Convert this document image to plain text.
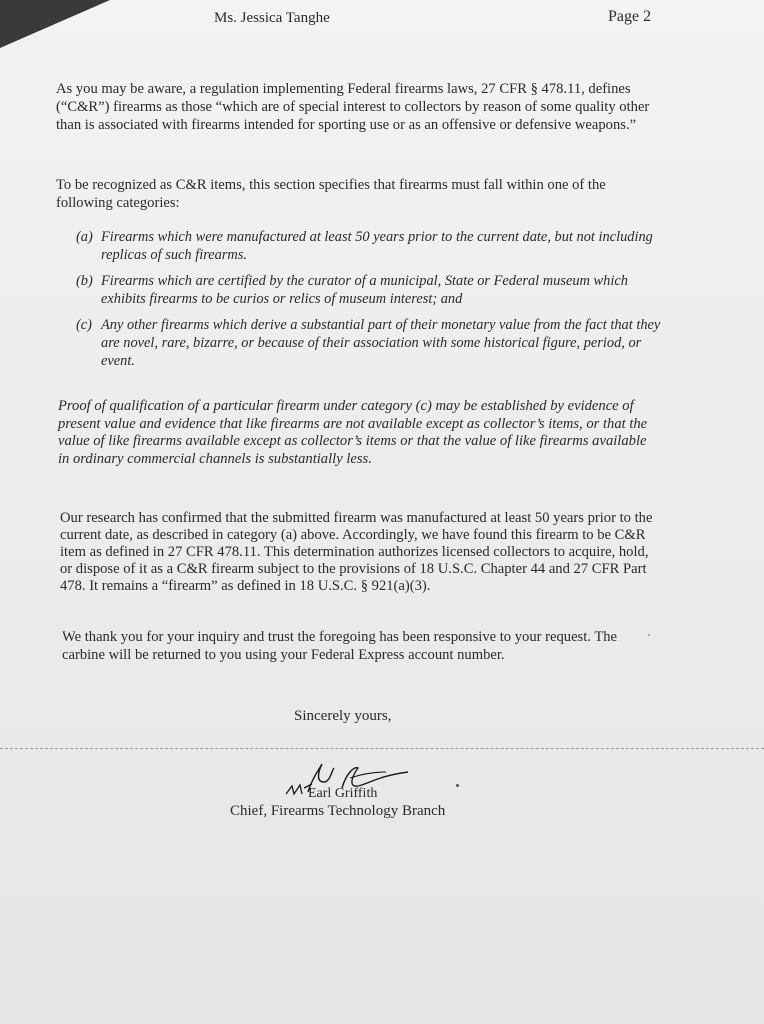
Ms. Jessica Tanghe	Page 2
As you may be aware, a regulation implementing Federal firearms laws, 27 CFR § 478.11, defines (“C&R”) firearms as those “which are of special interest to collectors by reason of some quality other than is associated with firearms intended for sporting use or as an offensive or defensive weapons.”
To be recognized as C&R items, this section specifies that firearms must fall within one of the following categories:
(a) Firearms which were manufactured at least 50 years prior to the current date, but not including replicas of such firearms.
(b) Firearms which are certified by the curator of a municipal, State or Federal museum which exhibits firearms to be curios or relics of museum interest; and
(c) Any other firearms which derive a substantial part of their monetary value from the fact that they are novel, rare, bizarre, or because of their association with some historical figure, period, or event.
Proof of qualification of a particular firearm under category (c) may be established by evidence of present value and evidence that like firearms are not available except as collector’s items, or that the value of like firearms available except as collector’s items or that the value of like firearms available in ordinary commercial channels is substantially less.
Our research has confirmed that the submitted firearm was manufactured at least 50 years prior to the current date, as described in category (a) above. Accordingly, we have found this firearm to be C&R item as defined in 27 CFR 478.11. This determination authorizes licensed collectors to acquire, hold, or dispose of it as a C&R firearm subject to the provisions of 18 U.S.C. Chapter 44 and 27 CFR Part 478. It remains a “firearm” as defined in 18 U.S.C. § 921(a)(3).
We thank you for your inquiry and trust the foregoing has been responsive to your request. The carbine will be returned to you using your Federal Express account number.
Sincerely yours,
Earl Griffith
Chief, Firearms Technology Branch
